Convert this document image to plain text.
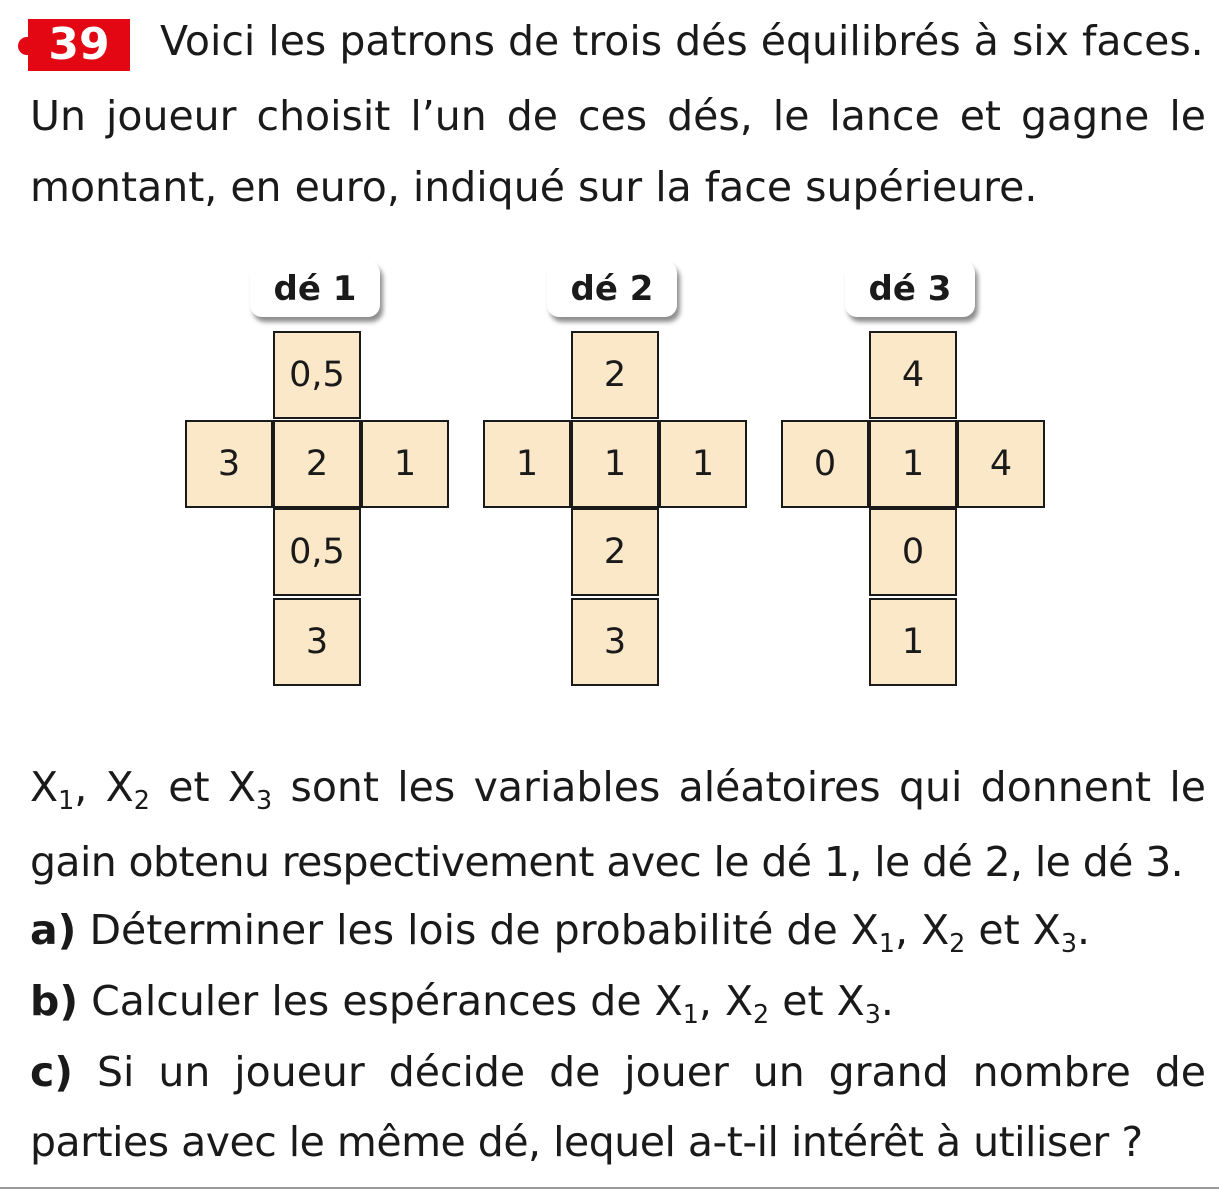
39	Voici les patrons de trois dés équilibrés à six faces.
Un joueur choisit l’un de ces dés, le lance et gagne le
montant, en euro, indiqué sur la face supérieure.
dé 1
0,5
3	2	1
0,5
3
dé 2
2
1	1	1
2
3
dé 3
4
0	1	4
0
1
$X_1$, $X_2$ et $X_3$ sont les variables aléatoires qui donnent le
gain obtenu respectivement avec le dé 1, le dé 2, le dé 3.
a) Déterminer les lois de probabilité de $X_1$, $X_2$ et $X_3$.
b) Calculer les espérances de $X_1$, $X_2$ et $X_3$.
c) Si un joueur décide de jouer un grand nombre de
parties avec le même dé, lequel a-t-il intérêt à utiliser ?
